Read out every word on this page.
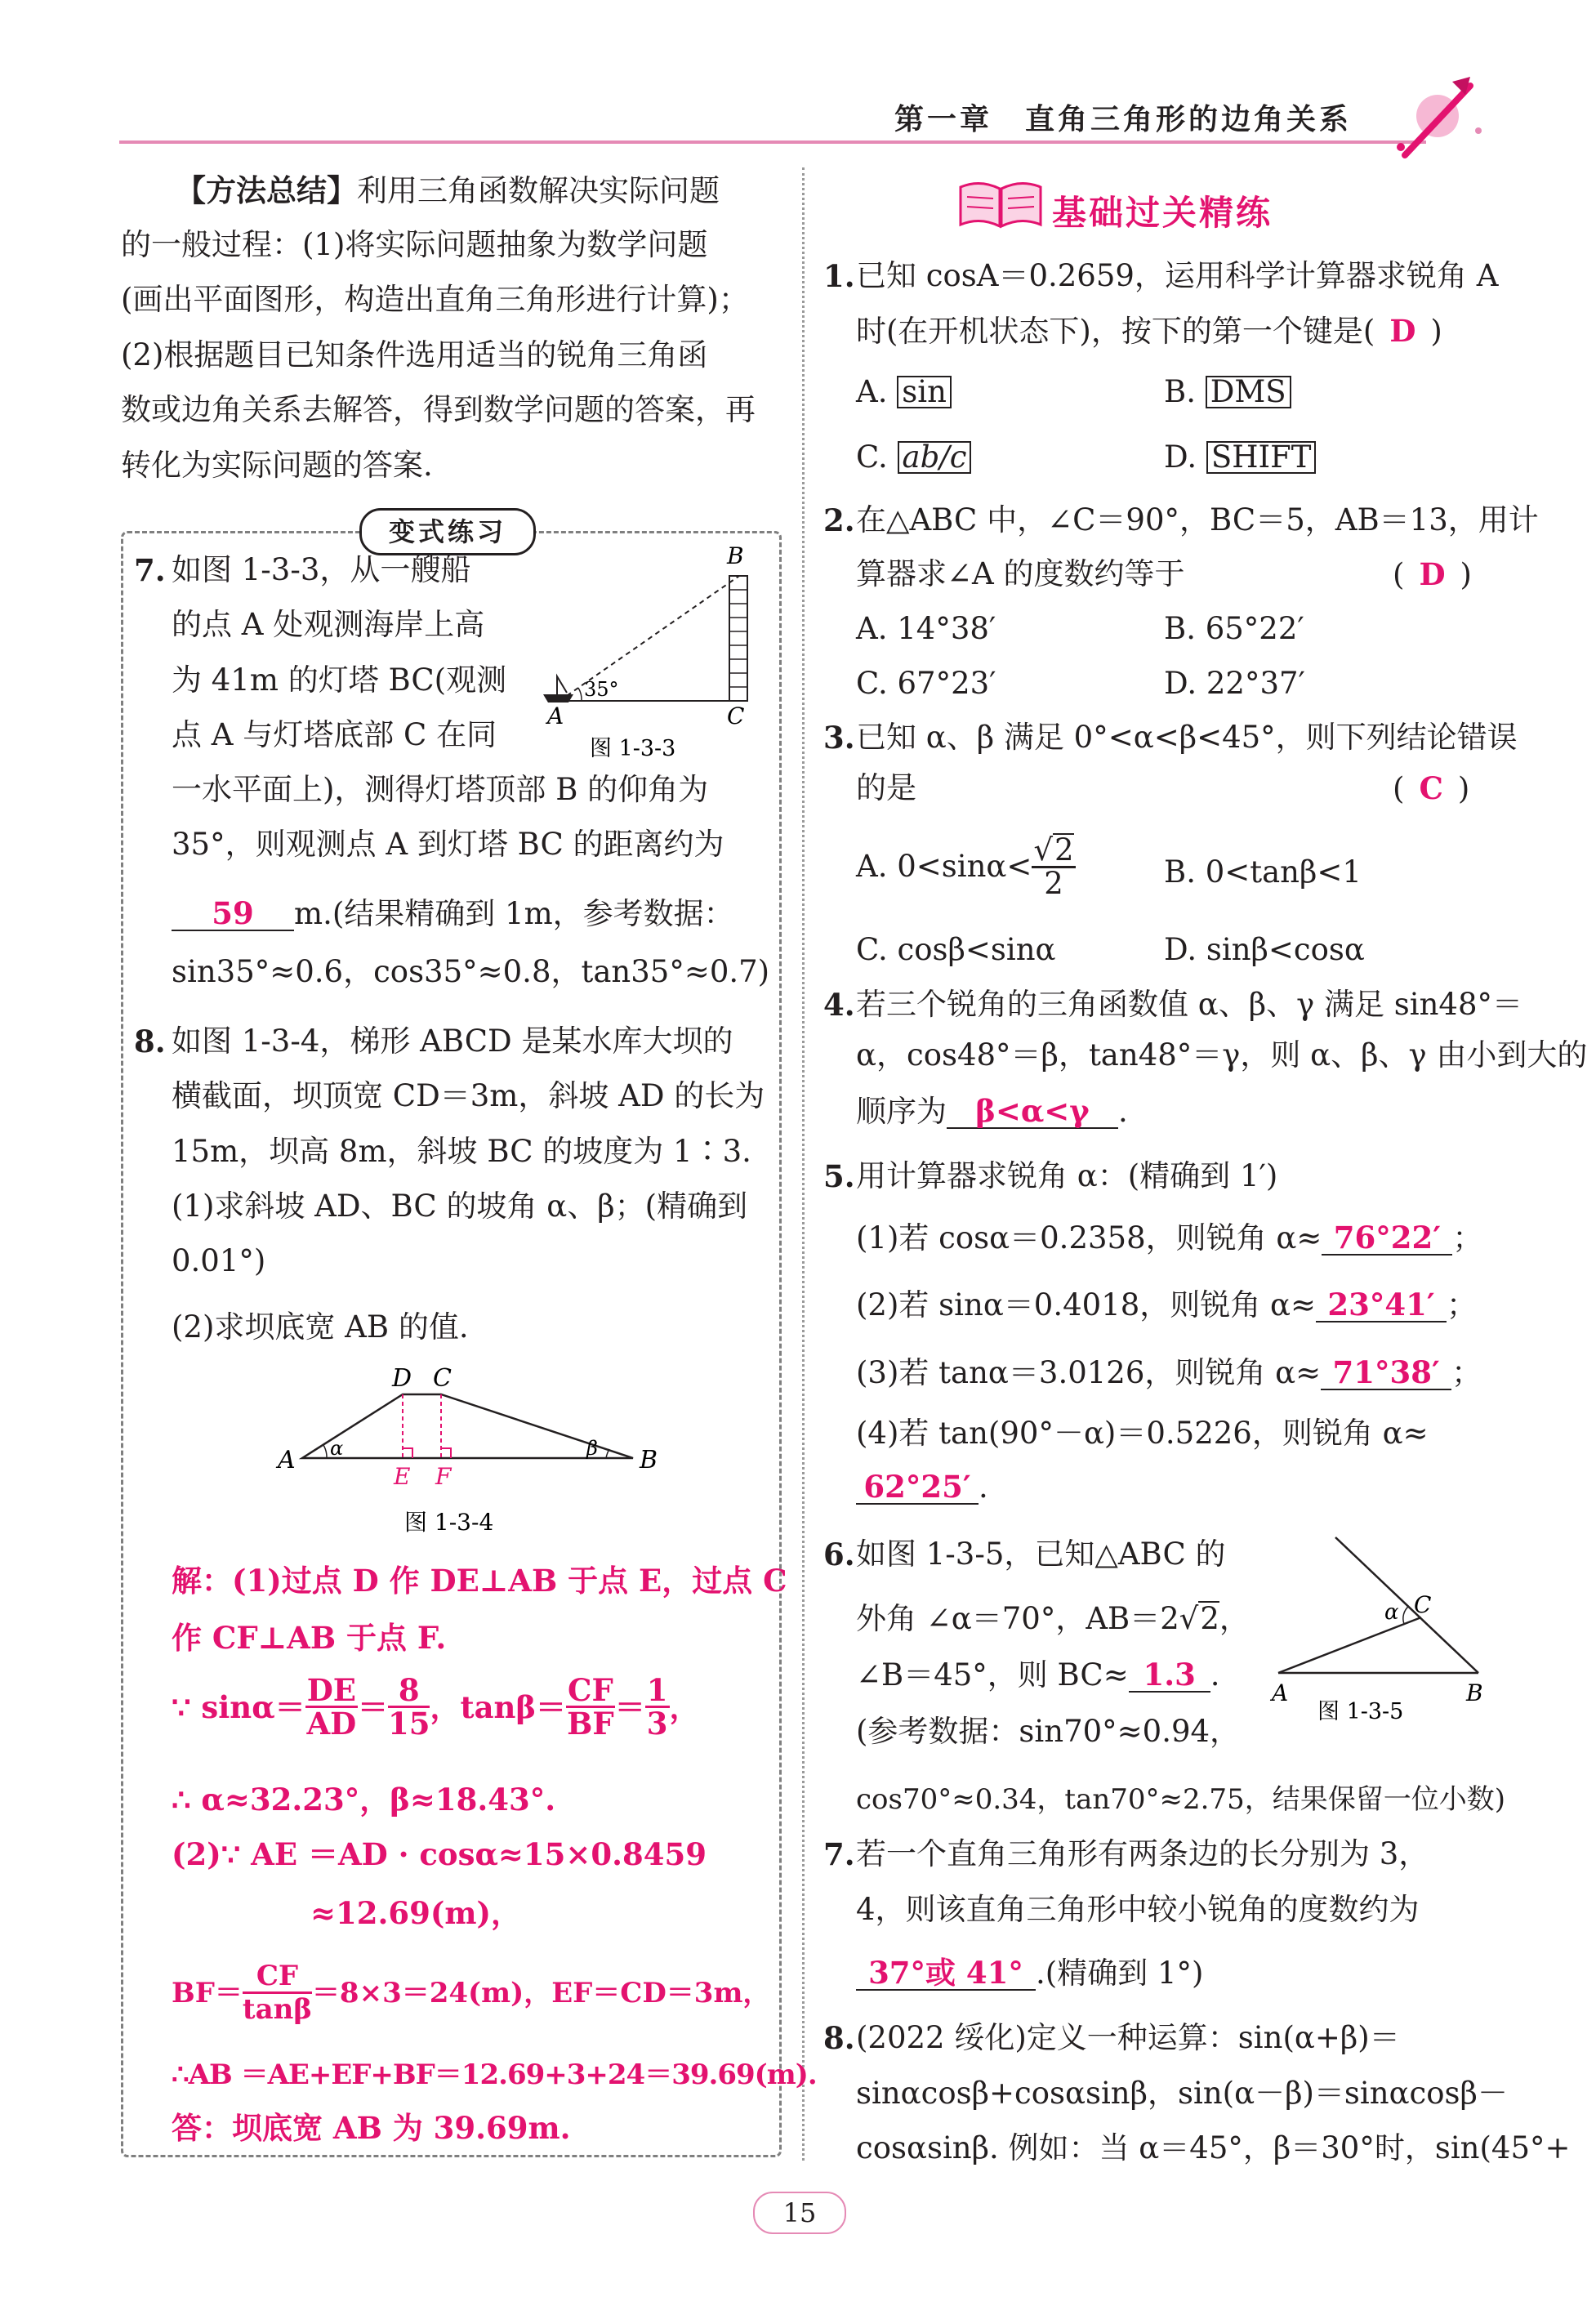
第一章　直角三角形的边角关系
【方法总结】利用三角函数解决实际问题
的一般过程：(1)将实际问题抽象为数学问题
(画出平面图形，构造出直角三角形进行计算)；
(2)根据题目已知条件选用适当的锐角三角函
数或边角关系去解答，得到数学问题的答案，再
转化为实际问题的答案.
变式练习
7. 如图 1-3-3，从一艘船
的点 A 处观测海岸上高
为 41m 的灯塔 BC(观测
点 A 与灯塔底部 C 在同
一水平面上)，测得灯塔顶部 B 的仰角为
35°，则观测点 A 到灯塔 BC 的距离约为
59 m.(结果精确到 1m，参考数据：
sin35°≈0.6，cos35°≈0.8，tan35°≈0.7)
35°
A	C
B
图 1-3-3
8. 如图 1-3-4，梯形 ABCD 是某水库大坝的
横截面，坝顶宽 CD＝3m，斜坡 AD 的长为
15m，坝高 8m，斜坡 BC 的坡度为 1∶3.
(1)求斜坡 AD、BC 的坡角 α、β；(精确到
0.01°)
(2)求坝底宽 AB 的值.
A	B
D C
E F
α	β
图 1-3-4
解：(1)过点 D 作 DE⊥AB 于点 E，过点 C
作 CF⊥AB 于点 F.
∵ $\sin\alpha= \frac{DE}{AD} = \frac{8}{15}$ ，$\tan\beta= \frac{CF}{BF} = \frac{1}{3}$ ，
∴ α≈32.23°，β≈18.43°.
(2)∵ AE ＝AD · cosα≈15×0.8459
≈12.69(m)，
$BF= \frac{CF}{\tan\beta} =8\times 3=24(m)$，EF＝CD＝3m，
∴AB ＝AE+EF+BF＝12.69+3+24＝39.69(m).
答：坝底宽 AB 为 39.69m.
基础过关精练
1. 已知 cosA＝0.2659，运用科学计算器求锐角 A
时(在开机状态下)，按下的第一个键是( D )
A. sin	B. DMS
C. ab/c	D. SHIFT
2. 在△ABC 中，∠C＝90°，BC＝5，AB＝13，用计
算器求∠A 的度数约等于	( D )
A. 14°38′	B. 65°22′
C. 67°23′	D. 22°37′
3. 已知 α、β 满足 0°<α<β<45°，则下列结论错误
的是	( C )
A. $0<\sin\alpha< \frac{√2}{2}$	B. 0<tanβ<1
C. cosβ<sinα	D. sinβ<cosα
4. 若三个锐角的三角函数值 α、β、γ 满足 sin48°＝
α，cos48°＝β，tan48°＝γ，则 α、β、γ 由小到大的
顺序为 β<α<γ .
5. 用计算器求锐角 α：(精确到 1′)
(1)若 cosα＝0.2358，则锐角 α≈ 76°22′ ；
(2)若 sinα＝0.4018，则锐角 α≈ 23°41′ ；
(3)若 tanα＝3.0126，则锐角 α≈ 71°38′ ；
(4)若 tan(90°－α)＝0.5226，则锐角 α≈
62°25′ .
6. 如图 1-3-5，已知△ABC 的
外角 ∠α＝70°，AB＝2√2，
∠B＝45°，则 BC≈ 1.3 .
(参考数据：sin70°≈0.94，
cos70°≈0.34，tan70°≈2.75，结果保留一位小数)
A	B
C
α
图 1-3-5
7. 若一个直角三角形有两条边的长分别为 3，
4，则该直角三角形中较小锐角的度数约为
37°或 41° .(精确到 1°)
8. (2022 绥化)定义一种运算：sin(α+β)＝
sinαcosβ+cosαsinβ，sin(α－β)＝sinαcosβ－
cosαsinβ. 例如：当 α＝45°，β＝30°时，sin(45°+
15
